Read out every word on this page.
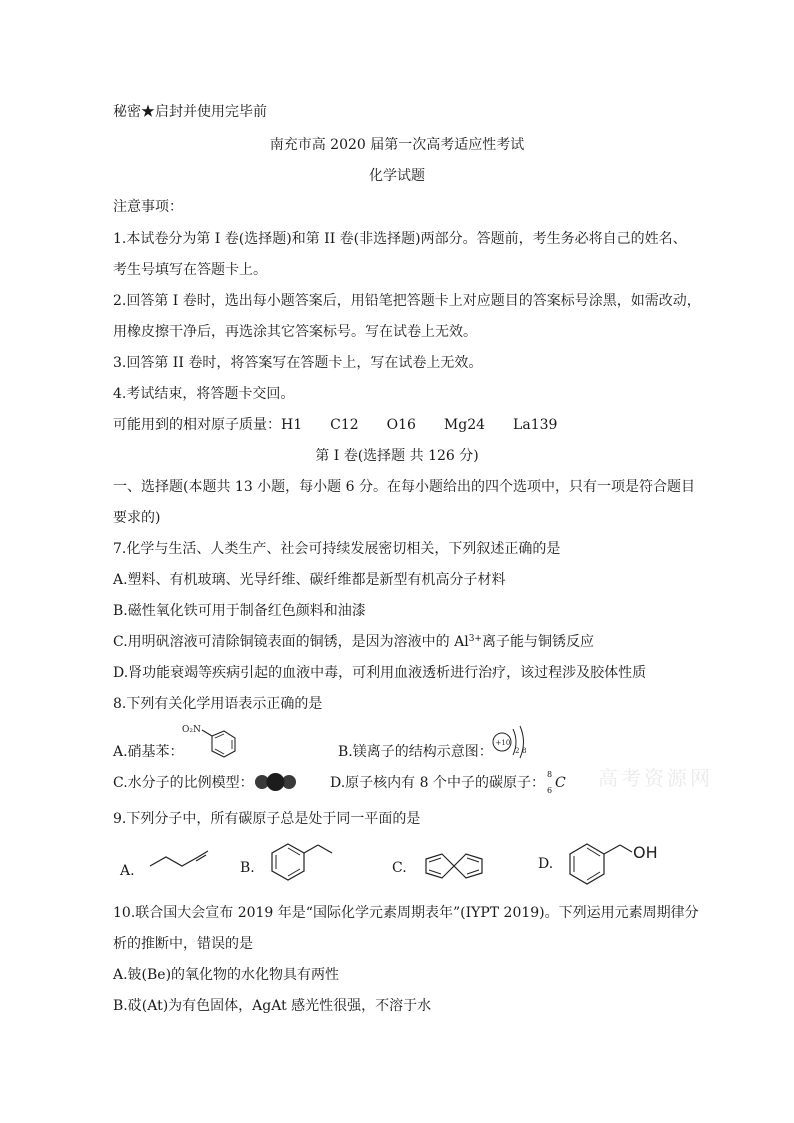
秘密★启封并使用完毕前
南充市高 2020 届第一次高考适应性考试
化学试题
注意事项：
1.本试卷分为第 I 卷(选择题)和第 II 卷(非选择题)两部分。答题前，考生务必将自己的姓名、
考生号填写在答题卡上。
2.回答第 I 卷时，选出每小题答案后，用铅笔把答题卡上对应题目的答案标号涂黑，如需改动，
用橡皮擦干净后，再选涂其它答案标号。写在试卷上无效。
3.回答第 II 卷时，将答案写在答题卡上，写在试卷上无效。
4.考试结束，将答题卡交回。
可能用到的相对原子质量：H1　　C12　　O16　　Mg24　　La139
第 I 卷(选择题 共 126 分)
一、选择题(本题共 13 小题，每小题 6 分。在每小题给出的四个选项中，只有一项是符合题目
要求的)
7.化学与生活、人类生产、社会可持续发展密切相关，下列叙述正确的是
A.塑料、有机玻璃、光导纤维、碳纤维都是新型有机高分子材料
B.磁性氧化铁可用于制备红色颜料和油漆
C.用明矾溶液可清除铜镜表面的铜锈，是因为溶液中的 $Al^{3+}$离子能与铜锈反应
D.肾功能衰竭等疾病引起的血液中毒，可利用血液透析进行治疗，该过程涉及胶体性质
8.下列有关化学用语表示正确的是
A.硝基苯：
O₂N
B.镁离子的结构示意图：
+10
2 8
C.水分子的比例模型：	D.原子核内有 8 个中子的碳原子：
8
6 C 高考资源网
9.下列分子中，所有碳原子总是处于同一平面的是
A.	B.	C.	D.
OH
10.联合国大会宣布 2019 年是“国际化学元素周期表年”(IYPT 2019)。下列运用元素周期律分
析的推断中，错误的是
A.铍(Be)的氧化物的水化物具有两性
B.砹(At)为有色固体，AgAt 感光性很强，不溶于水
